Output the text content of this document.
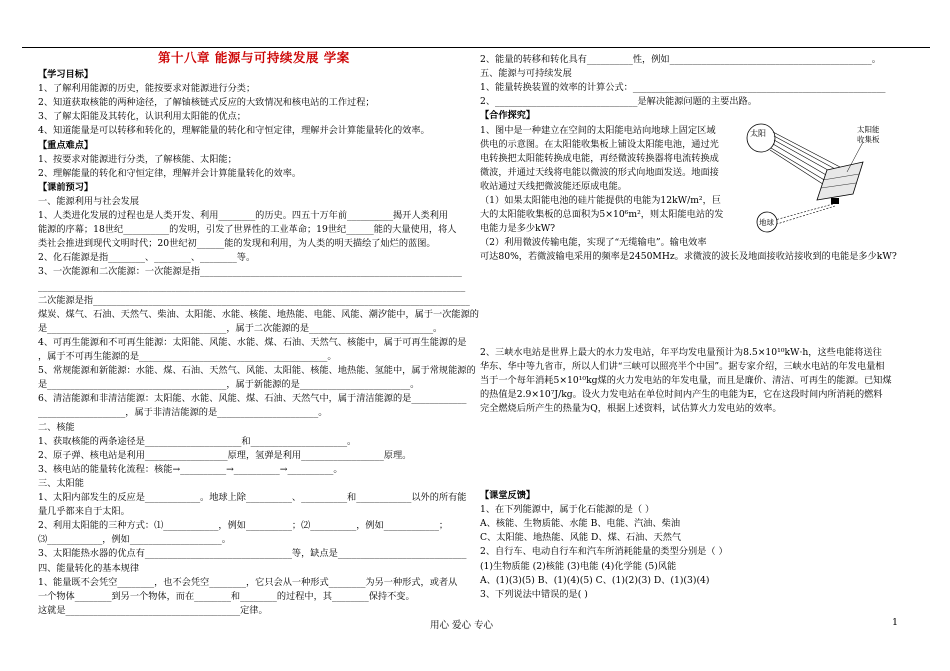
第十八章 能源与可持续发展 学案
【学习目标】
1、了解利用能源的历史，能按要求对能源进行分类；
2、知道获取核能的两种途径，了解铀核链式反应的大致情况和核电站的工作过程；
3、了解太阳能及其转化，认识利用太阳能的优点；
4、知道能量是可以转移和转化的，理解能量的转化和守恒定律，理解并会计算能量转化的效率。
【重点难点】
1、按要求对能源进行分类，了解核能、太阳能；
2、理解能量的转化和守恒定律，理解并会计算能量转化的效率。
【课前预习】
一、能源利用与社会发展
1、人类进化发展的过程也是人类开发、利用________的历史。四五十万年前__________揭开人类利用
能源的序幕；18世纪__________的发明，引发了世界性的工业革命；19世纪______能的大量使用，将人
类社会推进到现代文明时代；20世纪初______能的发现和利用，为人类的明天描绘了灿烂的蓝图。
2、化石能源是指________、________、________等。
3、一次能源和二次能源：一次能源是指_________________________________________________________
_____________________________________________________________________________________________
二次能源是指__________________________________________________________________________________
煤炭、煤气、石油、天然气、柴油、太阳能、水能、核能、地热能、电能、风能、潮汐能中，属于一次能源的
是_______________________________________，属于二次能源的是___________________________。
4、可再生能源和不可再生能源：太阳能、风能、水能、煤、石油、天然气、核能中，属于可再生能源的是
，属于不可再生能源的是_________________________________________。
5、常规能源和新能源：水能、煤、石油、天然气、风能、太阳能、核能、地热能、氢能中，属于常规能源的
是_______________________________________，属于新能源的是________________________。
6、清洁能源和非清洁能源：太阳能、水能、风能、煤、石油、天然气中，属于清洁能源的是____________
___________________，属于非清洁能源的是______________________。
二、核能
1、获取核能的两条途径是_____________________和_____________________。
2、原子弹、核电站是利用__________________原理，氢弹是利用__________________原理。
3、核电站的能量转化流程：核能→__________→__________→__________。
三、太阳能
1、太阳内部发生的反应是____________。地球上除__________、__________和____________以外的所有能
量几乎都来自于太阳。
2、利用太阳能的三种方式：⑴____________，例如__________；⑵__________，例如____________；
⑶____________，例如____________________。
3、太阳能热水器的优点有________________________________等，缺点是____________________________
四、能量转化的基本规律
1、能量既不会凭空________，也不会凭空________，它只会从一种形式________为另一种形式，或者从
一个物体________到另一个物体，而在________和________的过程中，其________保持不变。
这就是______________________________________定律。
2、能量的转移和转化具有__________性，例如____________________________________________。
五、能源与可持续发展
1、能量转换装置的效率的计算公式：_______________________________________________________
2、_______________________________是解决能源问题的主要出路。
【合作探究】
1、图中是一种建立在空间的太阳能电站向地球上固定区域
供电的示意图。在太阳能收集板上铺设太阳能电池，通过光
电转换把太阳能转换成电能，再经微波转换器将电流转换成
微波，并通过天线将电能以微波的形式向地面发送。地面接
收站通过天线把微波能还原成电能。
（1）如果太阳能电池的硅片能提供的电能为12kW/m²，巨
大的太阳能收集板的总面积为5×10⁶m²，则太阳能电站的发
电能力是多少kW?
（2）利用微波传输电能，实现了“无缆输电”。输电效率
可达80%，若微波输电采用的频率是2450MHz。求微波的波长及地面接收站接收到的电能是多少kW?
2、三峡水电站是世界上最大的水力发电站，年平均发电量预计为8.5×10¹⁰kW·h，这些电能将送往
华东、华中等九省市，所以人们讲“三峡可以照亮半个中国”。据专家介绍，三峡水电站的年发电量相
当于一个每年消耗5×10¹⁰kg煤的火力发电站的年发电量，而且是廉价、清洁、可再生的能源。已知煤
的热值是2.9×10⁷J/kg。设火力发电站在单位时间内产生的电能为E，它在这段时间内所消耗的燃料
完全燃烧后所产生的热量为Q，根据上述资料，试估算火力发电站的效率。
【课堂反馈】
1、在下列能源中，属于化石能源的是（ ）
A、核能、生物质能、水能 B、电能、汽油、柴油
C、太阳能、地热能、风能 D、煤、石油、天然气
2、自行车、电动自行车和汽车所消耗能量的类型分别是（ ）
(1)生物质能 (2)核能 (3)电能 (4)化学能 (5)风能
A、(1)(3)(5) B、(1)(4)(5) C、(1)(2)(3) D、(1)(3)(4)
3、下列说法中错误的是( )
太阳	太阳能
收集板
地球
用心 爱心 专心	1
